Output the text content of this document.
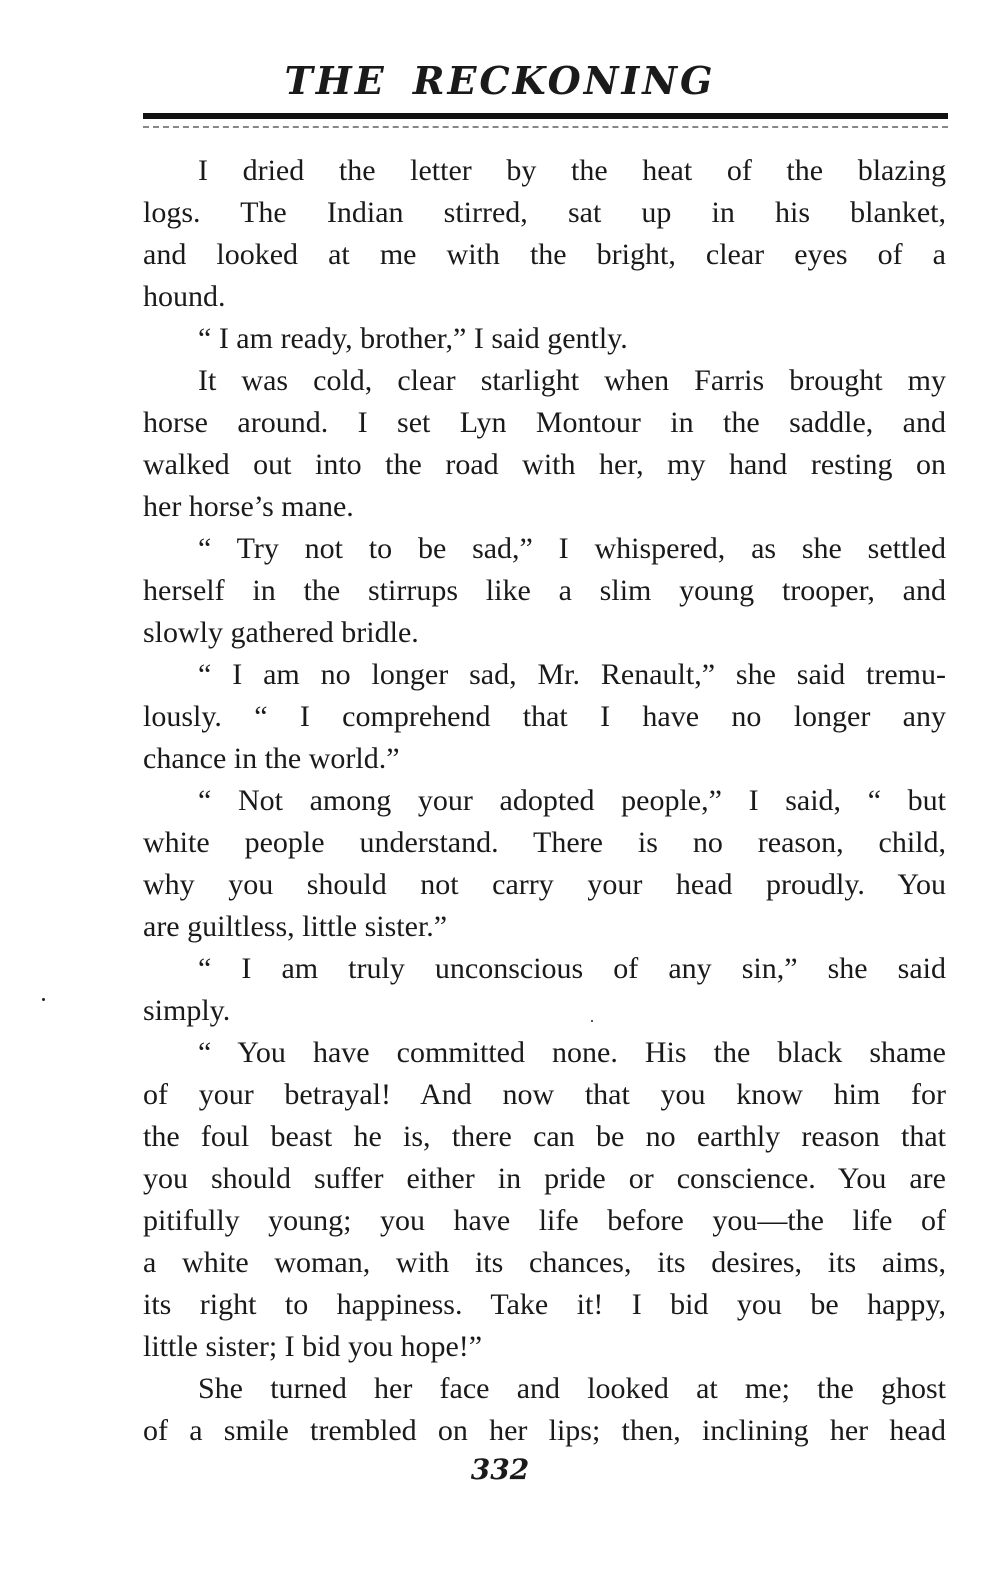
THE RECKONING
I dried the letter by the heat of the blazing
logs. The Indian stirred, sat up in his blanket,
and looked at me with the bright, clear eyes of a
hound.
“ I am ready, brother,” I said gently.
It was cold, clear starlight when Farris brought my
horse around. I set Lyn Montour in the saddle, and
walked out into the road with her, my hand resting on
her horse’s mane.
“ Try not to be sad,” I whispered, as she settled
herself in the stirrups like a slim young trooper, and
slowly gathered bridle.
“ I am no longer sad, Mr. Renault,” she said tremu-
lously. “ I comprehend that I have no longer any
chance in the world.”
“ Not among your adopted people,” I said, “ but
white people understand. There is no reason, child,
why you should not carry your head proudly. You
are guiltless, little sister.”
“ I am truly unconscious of any sin,” she said
simply.
“ You have committed none. His the black shame
of your betrayal! And now that you know him for
the foul beast he is, there can be no earthly reason that
you should suffer either in pride or conscience. You are
pitifully young; you have life before you—the life of
a white woman, with its chances, its desires, its aims,
its right to happiness. Take it! I bid you be happy,
little sister; I bid you hope!”
She turned her face and looked at me; the ghost
of a smile trembled on her lips; then, inclining her head
332
